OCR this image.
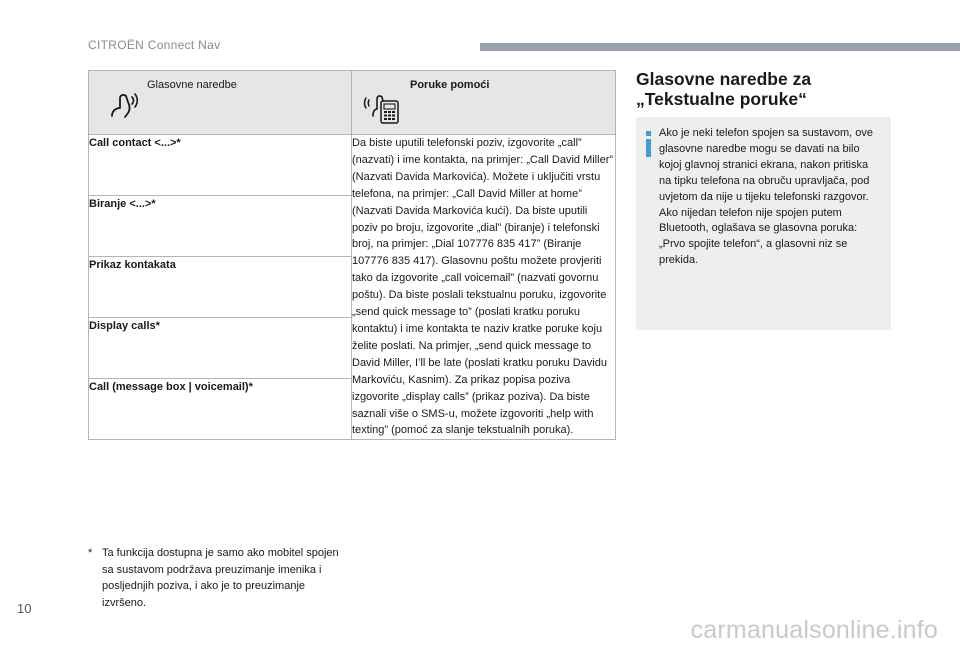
CITROËN Connect Nav
Glasovne naredbe	Poruke pomoći

Call contact <...>*	Da biste uputili telefonski poziv, izgovorite „call” (nazvati) i ime kontakta, na primjer: „Call David Miller” (Nazvati Davida Markovića). Možete i uključiti vrstu telefona, na primjer: „Call David Miller at home” (Nazvati Davida Markovića kući). Da biste uputili poziv po broju, izgovorite „dial” (biranje) i telefonski broj, na primjer: „Dial 107776 835 417” (Biranje 107776 835 417). Glasovnu poštu možete provjeriti tako da izgovorite „call voicemail” (nazvati govornu poštu). Da biste poslali tekstualnu poruku, izgovorite „send quick message to” (poslati kratku poruku kontaktu) i ime kontakta te naziv kratke poruke koju želite poslati. Na primjer, „send quick message to David Miller, I’ll be late (poslati kratku poruku Davidu Markoviću, Kasnim). Za prikaz popisa poziva izgovorite „display calls” (prikaz poziva). Da biste saznali više o SMS-u, možete izgovoriti „help with texting” (pomoć za slanje tekstualnih poruka).
Biranje <...>*	
Prikaz kontakata	
Display calls*	
Call (message box | voicemail)*	
Glasovne naredbe za „Tekstualne poruke“

Ako je neki telefon spojen sa sustavom, ove glasovne naredbe mogu se davati na bilo kojoj glavnoj stranici ekrana, nakon pritiska na tipku telefona na obruču upravljača, pod uvjetom da nije u tijeku telefonski razgovor.

Ako nijedan telefon nije spojen putem Bluetooth, oglašava se glasovna poruka: „Prvo spojite telefon“, a glasovni niz se prekida.

* Ta funkcija dostupna je samo ako mobitel spojen sa sustavom podržava preuzimanje imenika i posljednjih poziva, i ako je to preuzimanje izvršeno.
10
carmanualsonline.info
